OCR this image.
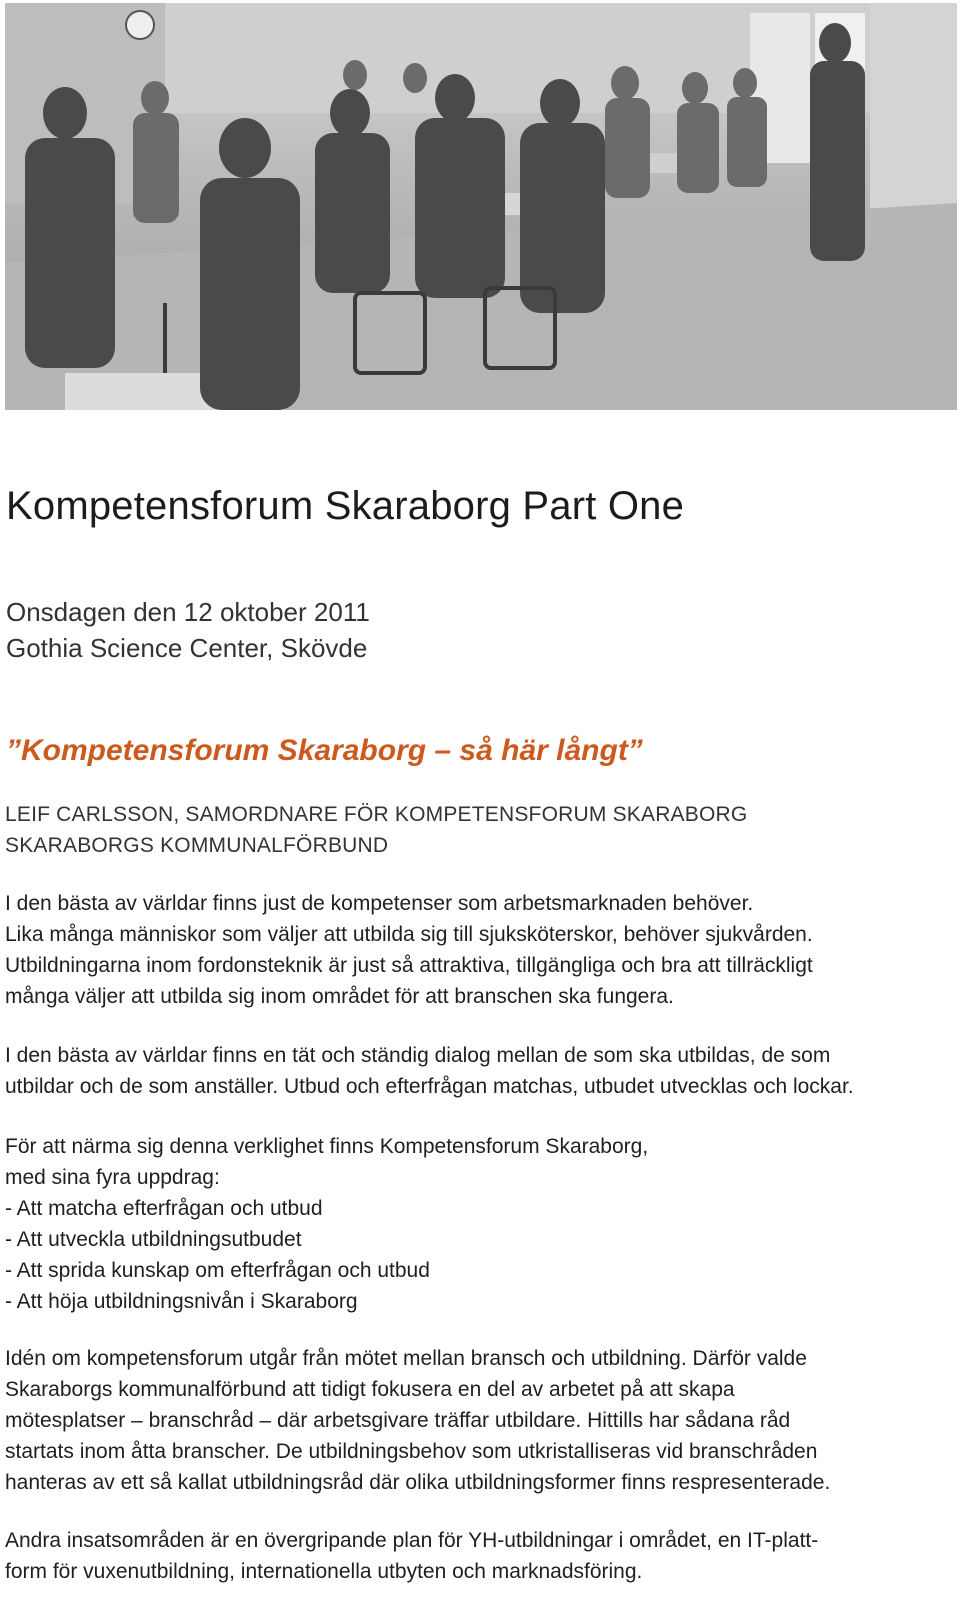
Kompetensforum Skaraborg Part One
Onsdagen den 12 oktober 2011
Gothia Science Center, Skövde
”Kompetensforum Skaraborg – så här långt”
LEIF CARLSSON, SAMORDNARE FÖR KOMPETENSFORUM SKARABORG
SKARABORGS KOMMUNALFÖRBUND

I den bästa av världar finns just de kompetenser som arbetsmarknaden behöver.
Lika många människor som väljer att utbilda sig till sjuksköterskor, behöver sjukvården.
Utbildningarna inom fordonsteknik är just så attraktiva, tillgängliga och bra att tillräckligt
många väljer att utbilda sig inom området för att branschen ska fungera.

I den bästa av världar finns en tät och ständig dialog mellan de som ska utbildas, de som
utbildar och de som anställer. Utbud och efterfrågan matchas, utbudet utvecklas och lockar.

För att närma sig denna verklighet finns Kompetensforum Skaraborg,
med sina fyra uppdrag:
- Att matcha efterfrågan och utbud
- Att utveckla utbildningsutbudet
- Att sprida kunskap om efterfrågan och utbud
- Att höja utbildningsnivån i Skaraborg

Idén om kompetensforum utgår från mötet mellan bransch och utbildning. Därför valde
Skaraborgs kommunalförbund att tidigt fokusera en del av arbetet på att skapa
mötesplatser – branschråd – där arbetsgivare träffar utbildare. Hittills har sådana råd
startats inom åtta branscher. De utbildningsbehov som utkristalliseras vid branschråden
hanteras av ett så kallat utbildningsråd där olika utbildningsformer finns respresenterade.

Andra insatsområden är en övergripande plan för YH-utbildningar i området, en IT-platt-
form för vuxenutbildning, internationella utbyten och marknadsföring.
